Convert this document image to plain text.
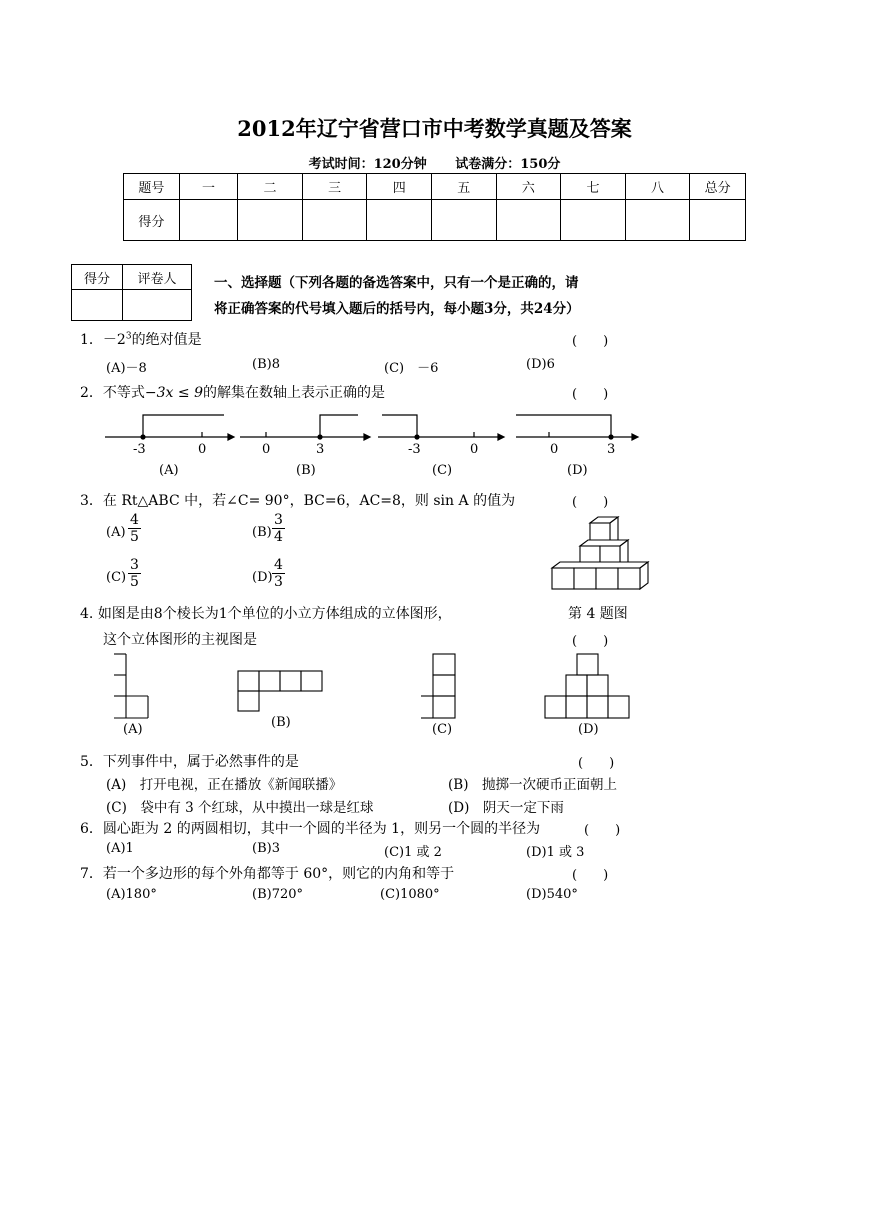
2012年辽宁省营口市中考数学真题及答案
考试时间：120分钟 试卷满分：150分
题号	一	二	三	四	五	六	七	八	总分
得分									
得分	评卷人
		一、选择题（下列各题的备选答案中，只有一个是正确的，请
将正确答案的代号填入题后的括号内，每小题3分，共24分）
1．$-2^3$的绝对值是	(　　)
(A)－8	(B)8	(C)　－6	(D)6
2．不等式−3x ≤ 9的解集在数轴上表示正确的是	(　　)
-3	0	0	3	-3	0	0	3
(A)	(B)	(C)	(D)
3．在 Rt△ABC 中，若∠C= 90°，BC=6，AC=8，则 sin A 的值为	(　　)
$(A) \frac{4}{5}$	$(B) \frac{3}{4}$
$(C) \frac{3}{5}$	$(D) \frac{4}{3}$
4. 如图是由8个棱长为1个单位的小立方体组成的立体图形，	第 4 题图
这个立体图形的主视图是	(　　)
(A)	(B)	(C)	(D)
5．下列事件中，属于必然事件的是	(　　)
(A)　打开电视，正在播放《新闻联播》	(B)　抛掷一次硬币正面朝上
(C)　袋中有 3 个红球，从中摸出一球是红球	(D)　阴天一定下雨
6．圆心距为 2 的两圆相切，其中一个圆的半径为 1，则另一个圆的半径为	(　　)
(A)1	(B)3	(C)1 或 2	(D)1 或 3
7．若一个多边形的每个外角都等于 60°，则它的内角和等于	(　　)
(A)180°	(B)720°	(C)1080°	(D)540°
